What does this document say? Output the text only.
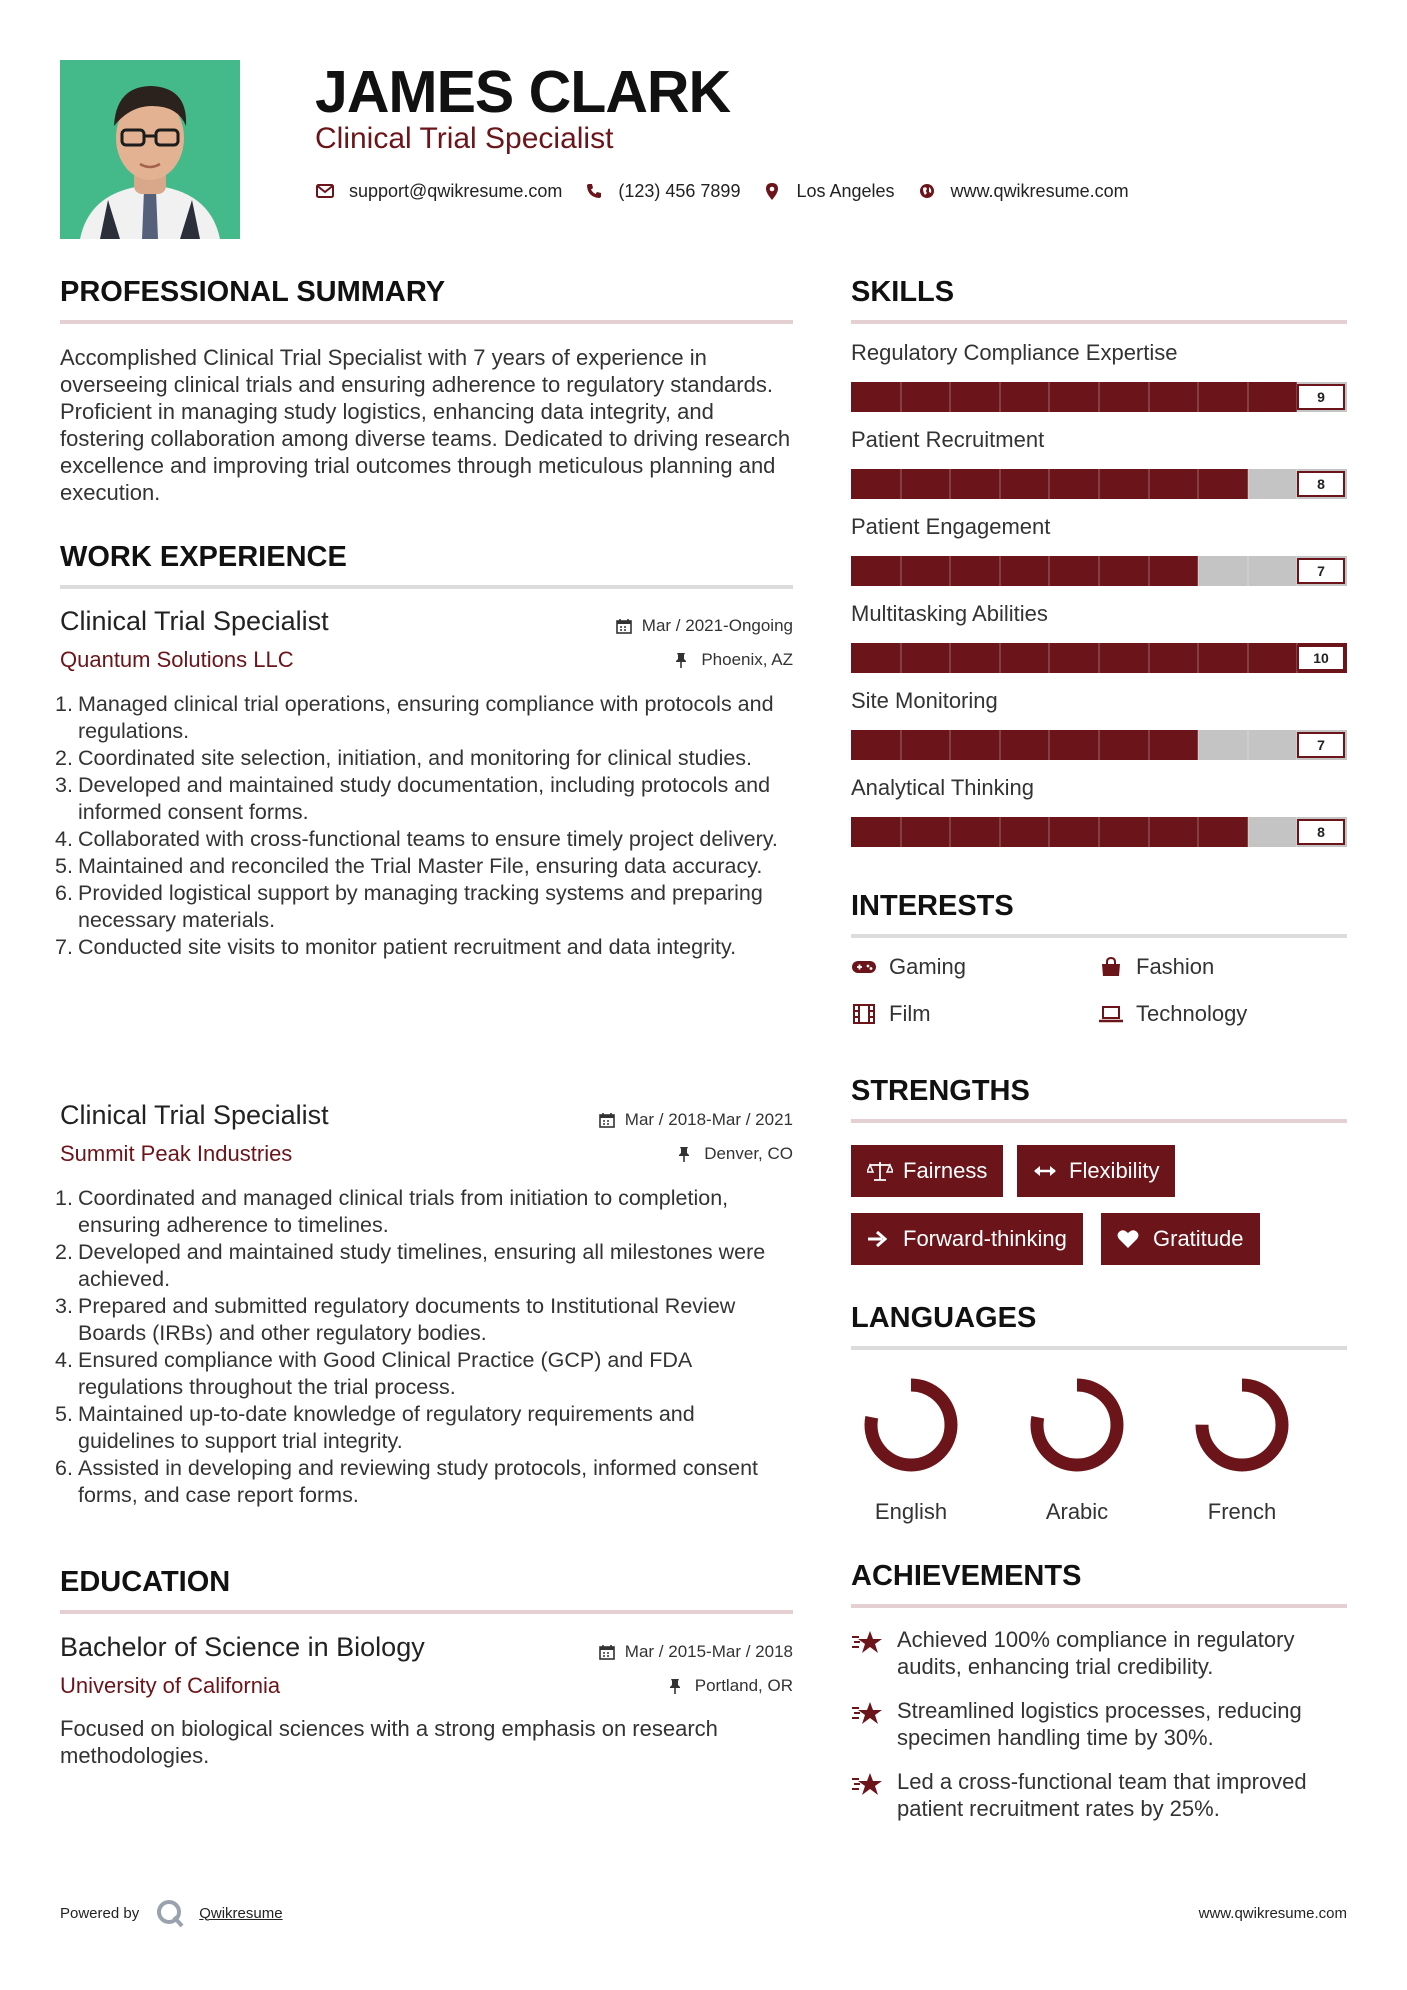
JAMES CLARK
Clinical Trial Specialist
support@qwikresume.com	(123) 456 7899	Los Angeles	www.qwikresume.com
PROFESSIONAL SUMMARY
Accomplished Clinical Trial Specialist with 7 years of experience in overseeing clinical trials and ensuring adherence to regulatory standards. Proficient in managing study logistics, enhancing data integrity, and fostering collaboration among diverse teams. Dedicated to driving research excellence and improving trial outcomes through meticulous planning and execution.
WORK EXPERIENCE
Clinical Trial Specialist	Mar / 2021-Ongoing
Quantum Solutions LLC	Phoenix, AZ
1. Managed clinical trial operations, ensuring compliance with protocols and regulations.
2. Coordinated site selection, initiation, and monitoring for clinical studies.
3. Developed and maintained study documentation, including protocols and informed consent forms.
4. Collaborated with cross-functional teams to ensure timely project delivery.
5. Maintained and reconciled the Trial Master File, ensuring data accuracy.
6. Provided logistical support by managing tracking systems and preparing necessary materials.
7. Conducted site visits to monitor patient recruitment and data integrity.
Clinical Trial Specialist	Mar / 2018-Mar / 2021
Summit Peak Industries	Denver, CO
1. Coordinated and managed clinical trials from initiation to completion, ensuring adherence to timelines.
2. Developed and maintained study timelines, ensuring all milestones were achieved.
3. Prepared and submitted regulatory documents to Institutional Review Boards (IRBs) and other regulatory bodies.
4. Ensured compliance with Good Clinical Practice (GCP) and FDA regulations throughout the trial process.
5. Maintained up-to-date knowledge of regulatory requirements and guidelines to support trial integrity.
6. Assisted in developing and reviewing study protocols, informed consent forms, and case report forms.
EDUCATION
Bachelor of Science in Biology	Mar / 2015-Mar / 2018
University of California	Portland, OR
Focused on biological sciences with a strong emphasis on research methodologies.
SKILLS
Regulatory Compliance Expertise
9
Patient Recruitment
8
Patient Engagement
7
Multitasking Abilities
10
Site Monitoring
7
Analytical Thinking
8
INTERESTS
Gaming	Fashion
Film	Technology
STRENGTHS
Fairness	Flexibility
Forward-thinking	Gratitude
LANGUAGES
English	Arabic	French
ACHIEVEMENTS
Achieved 100% compliance in regulatory audits, enhancing trial credibility.
Streamlined logistics processes, reducing specimen handling time by 30%.
Led a cross-functional team that improved patient recruitment rates by 25%.
Powered by	Qwikresume	www.qwikresume.com
